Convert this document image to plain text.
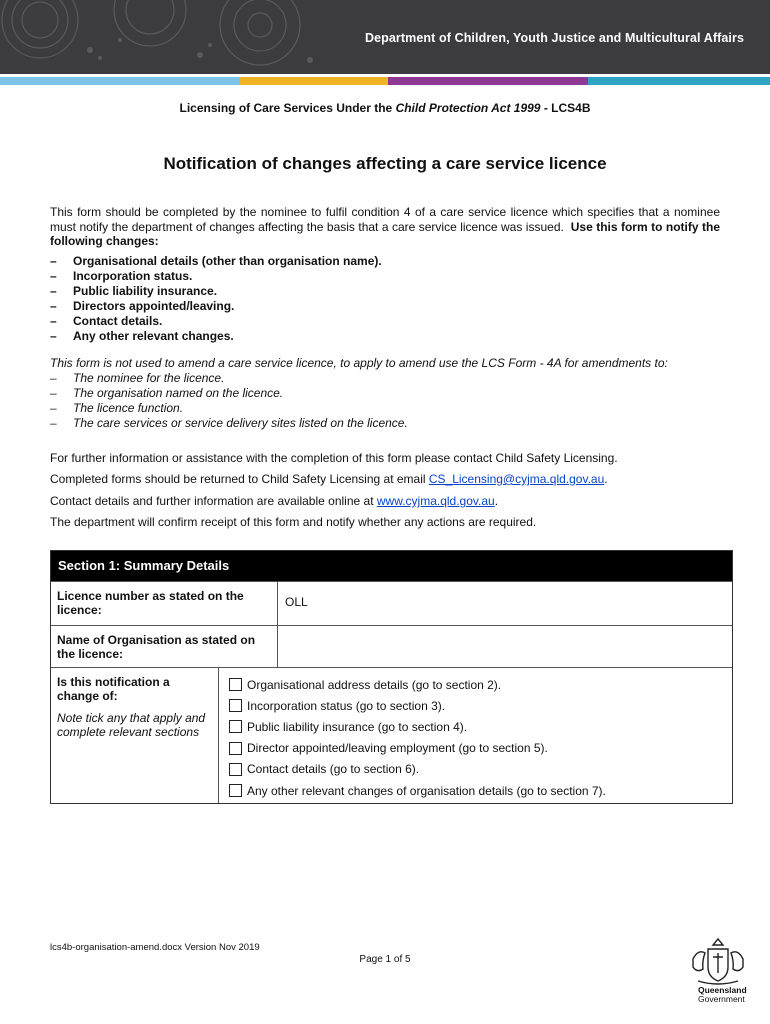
Department of Children, Youth Justice and Multicultural Affairs
Licensing of Care Services Under the Child Protection Act 1999 - LCS4B
Notification of changes affecting a care service licence
This form should be completed by the nominee to fulfil condition 4 of a care service licence which specifies that a nominee must notify the department of changes affecting the basis that a care service licence was issued. Use this form to notify the following changes:
–	Organisational details (other than organisation name).
–	Incorporation status.
–	Public liability insurance.
–	Directors appointed/leaving.
–	Contact details.
–	Any other relevant changes.
This form is not used to amend a care service licence, to apply to amend use the LCS Form - 4A for amendments to:
–	The nominee for the licence.
–	The organisation named on the licence.
–	The licence function.
–	The care services or service delivery sites listed on the licence.
For further information or assistance with the completion of this form please contact Child Safety Licensing.
Completed forms should be returned to Child Safety Licensing at email CS_Licensing@cyjma.qld.gov.au.
Contact details and further information are available online at www.cyjma.qld.gov.au.
The department will confirm receipt of this form and notify whether any actions are required.
Section 1: Summary Details
Licence number as stated on the licence:
OLL
Name of Organisation as stated on the licence:
Is this notification a change of:
Note tick any that apply and complete relevant sections
Organisational address details (go to section 2).
Incorporation status (go to section 3).
Public liability insurance (go to section 4).
Director appointed/leaving employment (go to section 5).
Contact details (go to section 6).
Any other relevant changes of organisation details (go to section 7).
lcs4b-organisation-amend.docx Version Nov 2019
Page 1 of 5
Queensland
Government
